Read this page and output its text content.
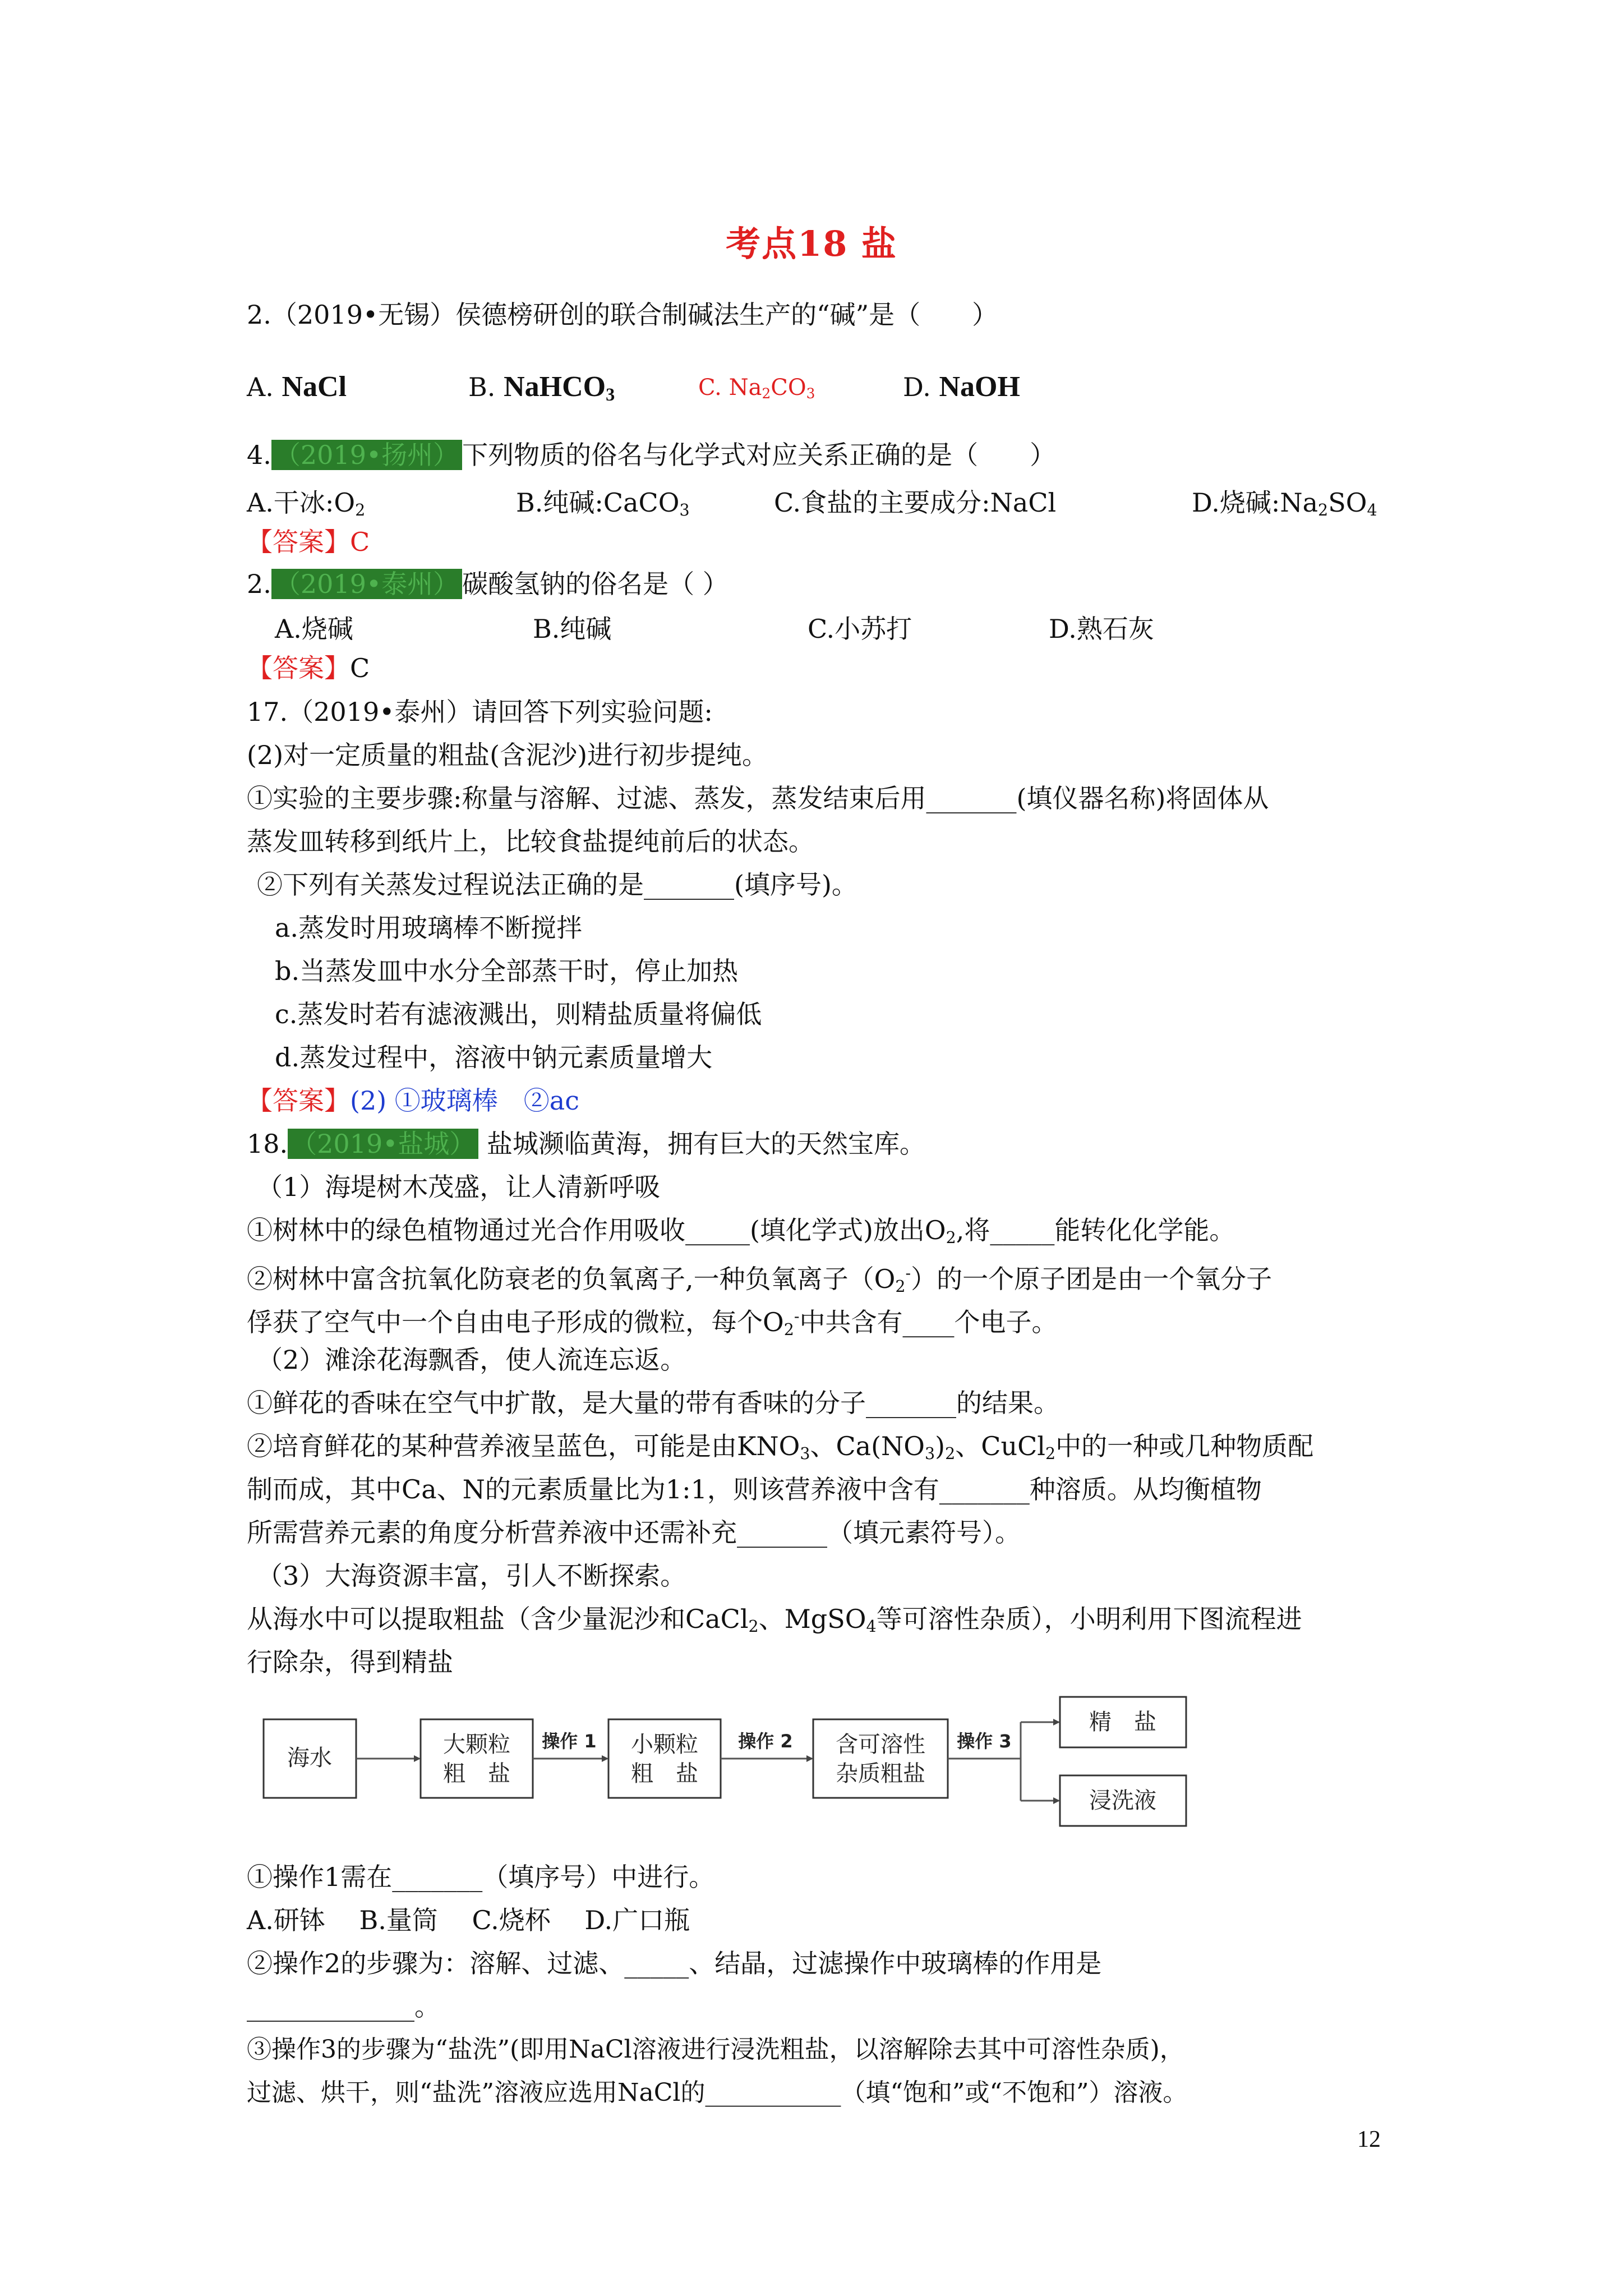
考点18 盐
2.（2019•无锡）侯德榜研创的联合制碱法生产的“碱”是（　　）
A. NaCl	B. NaHCO$_3$	C. $Na_2CO_3$	D. NaOH
4. （2019•扬州） 下列物质的俗名与化学式对应关系正确的是（　　）
A.干冰$:O_2$	B.纯碱:CaCO$_3$	C.食盐的主要成分:NaCl	D.烧碱$:Na_2SO_4$
【答案】C
2. （2019•泰州） 碳酸氢钠的俗名是（ ）
A.烧碱	B.纯碱	C.小苏打	D.熟石灰
【答案】C
17.（2019•泰州）请回答下列实验问题:
(2)对一定质量的粗盐(含泥沙)进行初步提纯。
①实验的主要步骤:称量与溶解、过滤、蒸发，蒸发结束后用_______(填仪器名称)将固体从
蒸发皿转移到纸片上，比较食盐提纯前后的状态。
②下列有关蒸发过程说法正确的是_______(填序号)。
a.蒸发时用玻璃棒不断搅拌
b.当蒸发皿中水分全部蒸干时，停止加热
c.蒸发时若有滤液溅出，则精盐质量将偏低
d.蒸发过程中，溶液中钠元素质量增大
【答案】(2) ①玻璃棒　②ac
18. （2019•盐城） 盐城濒临黄海，拥有巨大的天然宝库。
（1）海堤树木茂盛，让人清新呼吸
①树林中的绿色植物通过光合作用吸收_____(填化学式)放出$O_2$,将_____能转化化学能。
②树林中富含抗氧化防衰老的负氧离子,一种负氧离子$(O_2^-)$的一个原子团是由一个氧分子
俘获了空气中一个自由电子形成的微粒，每个$O_2^-$中共含有____个电子。
（2）滩涂花海飘香，使人流连忘返。
①鲜花的香味在空气中扩散，是大量的带有香味的分子_______的结果。
②培育鲜花的某种营养液呈蓝色，可能是由$KNO_3$、$Ca(NO_3)_2$、CuCl$_2$中的一种或几种物质配
制而成，其中Ca、N的元素质量比为1:1，则该营养液中含有_______种溶质。从均衡植物
所需营养元素的角度分析营养液中还需补充_______（填元素符号）。
（3）大海资源丰富，引人不断探索。
从海水中可以提取粗盐（含少量泥沙和CaCl$_2$、MgSO$_4$等可溶性杂质），小明利用下图流程进
行除杂，得到精盐
海水
大颗粒
粗　盐
小颗粒
粗　盐
含可溶性
杂质粗盐
精　盐
浸洗液
操作 1	操作 2	操作 3
①操作1需在_______（填序号）中进行。
A.研钵　 B.量筒　 C.烧杯　 D.广口瓶
②操作2的步骤为：溶解、过滤、_____、结晶，过滤操作中玻璃棒的作用是
_____________。
③操作3的步骤为“盐洗”(即用NaCl溶液进行浸洗粗盐，以溶解除去其中可溶性杂质)，
过滤、烘干，则“盐洗”溶液应选用NaCl的___________（填“饱和”或“不饱和”）溶液。
12
